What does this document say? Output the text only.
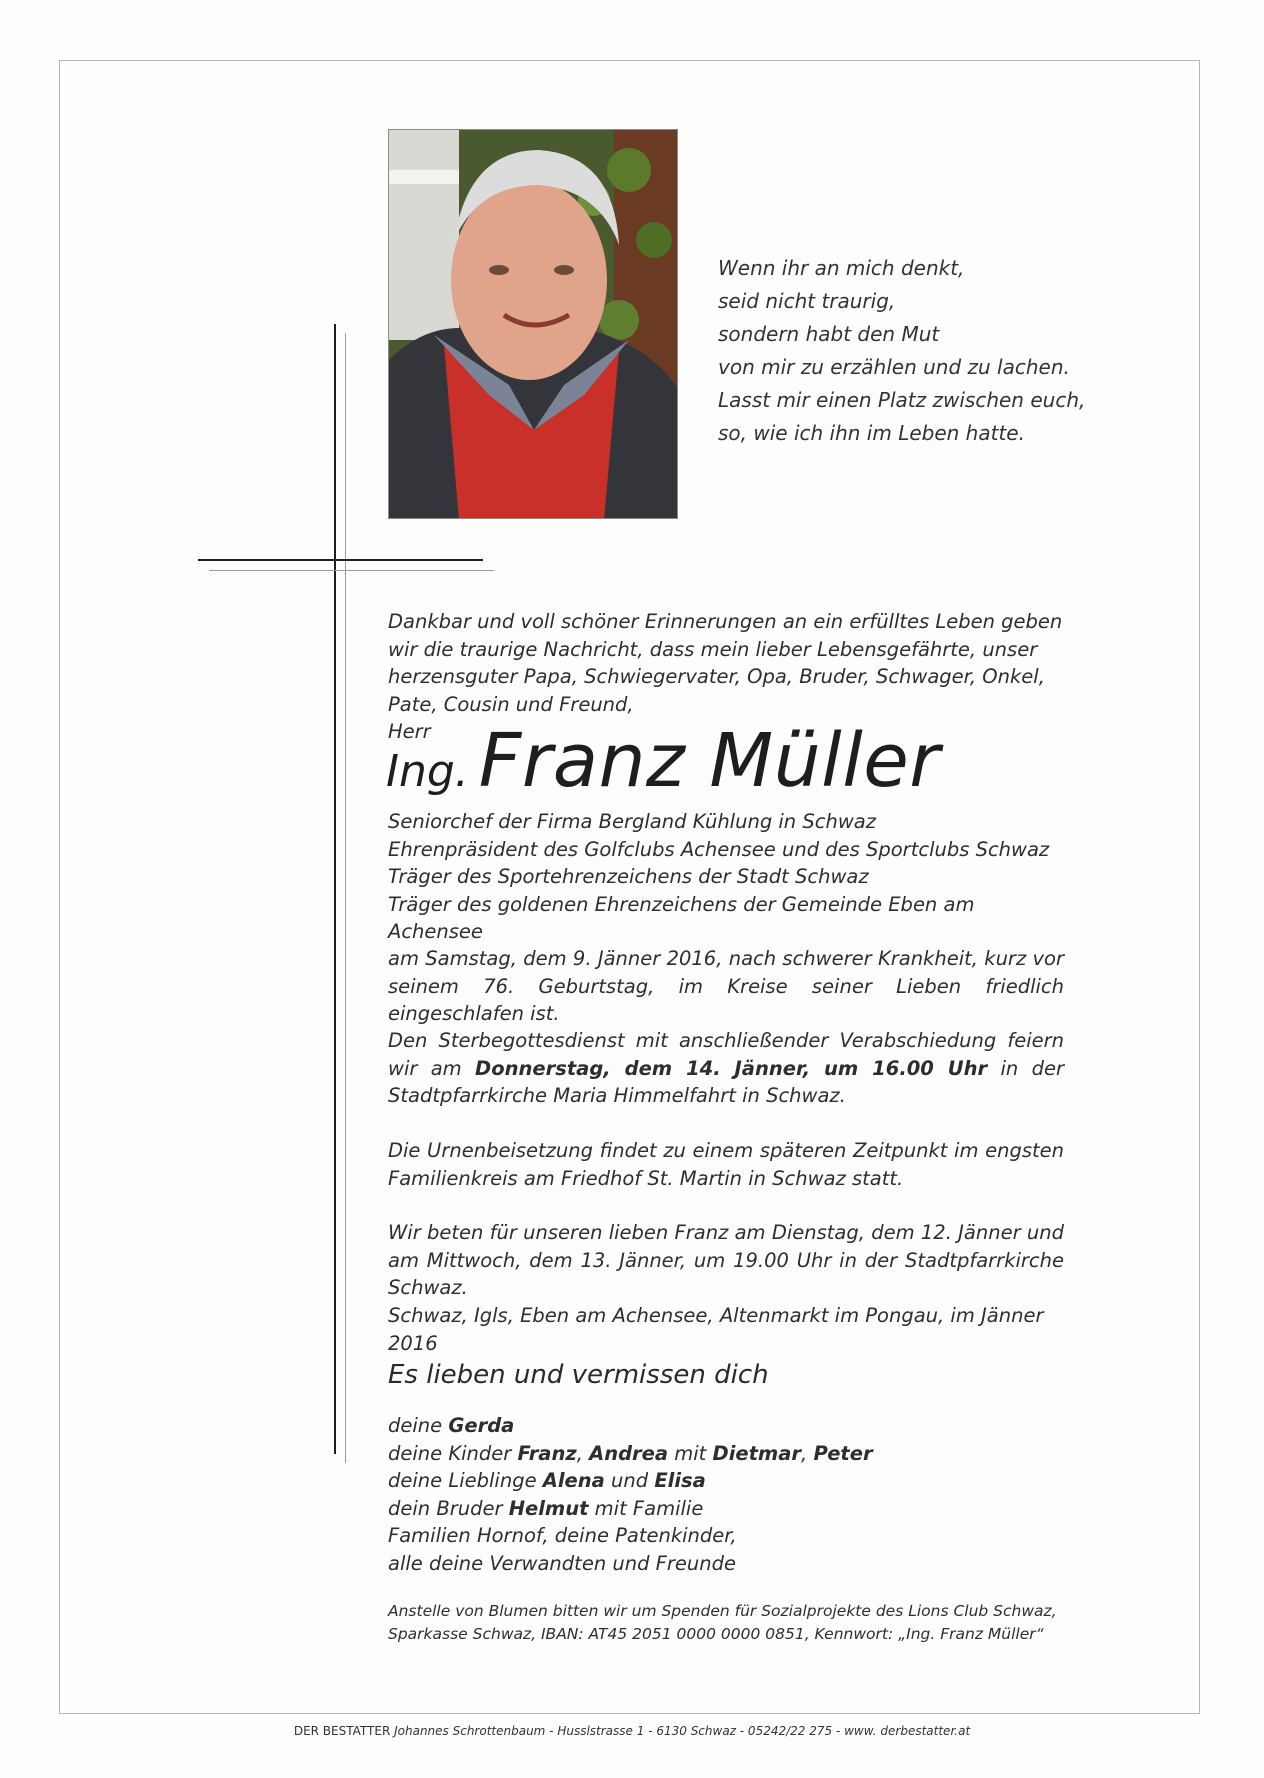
Wenn ihr an mich denkt,
seid nicht traurig,
sondern habt den Mut
von mir zu erzählen und zu lachen.
Lasst mir einen Platz zwischen euch,
so, wie ich ihn im Leben hatte.

Dankbar und voll schöner Erinnerungen an ein erfülltes Leben geben wir die traurige Nachricht, dass mein lieber Lebensgefährte, unser herzensguter Papa, Schwiegervater, Opa, Bruder, Schwager, Onkel, Pate, Cousin und Freund,

Herr

Ing. Franz Müller

Seniorchef der Firma Bergland Kühlung in Schwaz

Ehrenpräsident des Golfclubs Achensee und des Sportclubs Schwaz

Träger des Sportehrenzeichens der Stadt Schwaz

Träger des goldenen Ehrenzeichens der Gemeinde Eben am Achensee

am Samstag, dem 9. Jänner 2016, nach schwerer Krankheit, kurz vor seinem 76. Geburtstag, im Kreise seiner Lieben friedlich eingeschlafen ist.
Den Sterbegottesdienst mit anschließender Verabschiedung feiern wir am Donnerstag, dem 14. Jänner, um 16.00 Uhr in der Stadtpfarrkirche Maria Himmelfahrt in Schwaz.
Die Urnenbeisetzung findet zu einem späteren Zeitpunkt im engsten Familienkreis am Friedhof St. Martin in Schwaz statt.
Wir beten für unseren lieben Franz am Dienstag, dem 12. Jänner und am Mittwoch, dem 13. Jänner, um 19.00 Uhr in der Stadtpfarrkirche Schwaz.
Schwaz, Igls, Eben am Achensee, Altenmarkt im Pongau, im Jänner 2016
Es lieben und vermissen dich

deine Gerda

deine Kinder Franz, Andrea mit Dietmar, Peter

deine Lieblinge Alena und Elisa

dein Bruder Helmut mit Familie

Familien Hornof, deine Patenkinder,

alle deine Verwandten und Freunde

Anstelle von Blumen bitten wir um Spenden für Sozialprojekte des Lions Club Schwaz,

Sparkasse Schwaz, IBAN: AT45 2051 0000 0000 0851, Kennwort: „Ing. Franz Müller“

DER BESTATTER Johannes Schrottenbaum - Husslstrasse 1 - 6130 Schwaz - 05242/22 275 - www. derbestatter.at
